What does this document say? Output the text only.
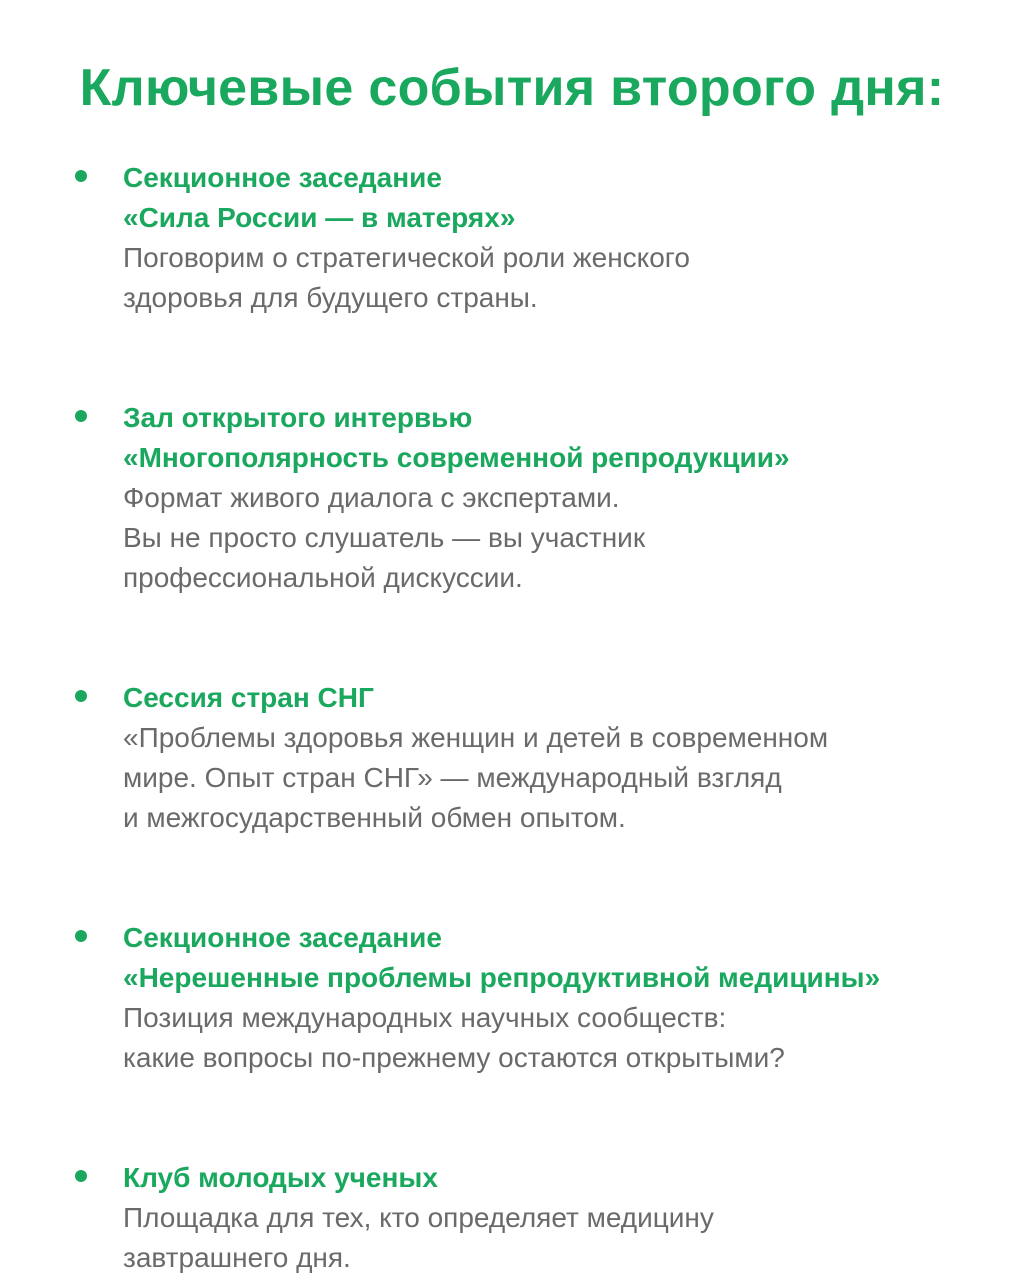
Ключевые события второго дня:
Секционное заседание
«Сила России — в матерях»
Поговорим о стратегической роли женского
здоровья для будущего страны.
Зал открытого интервью
«Многополярность современной репродукции»
Формат живого диалога с экспертами.
Вы не просто слушатель — вы участник
профессиональной дискуссии.
Сессия стран СНГ
«Проблемы здоровья женщин и детей в современном
мире. Опыт стран СНГ» — международный взгляд
и межгосударственный обмен опытом.
Секционное заседание
«Нерешенные проблемы репродуктивной медицины»
Позиция международных научных сообществ:
какие вопросы по-прежнему остаются открытыми?
Клуб молодых ученых
Площадка для тех, кто определяет медицину
завтрашнего дня.
